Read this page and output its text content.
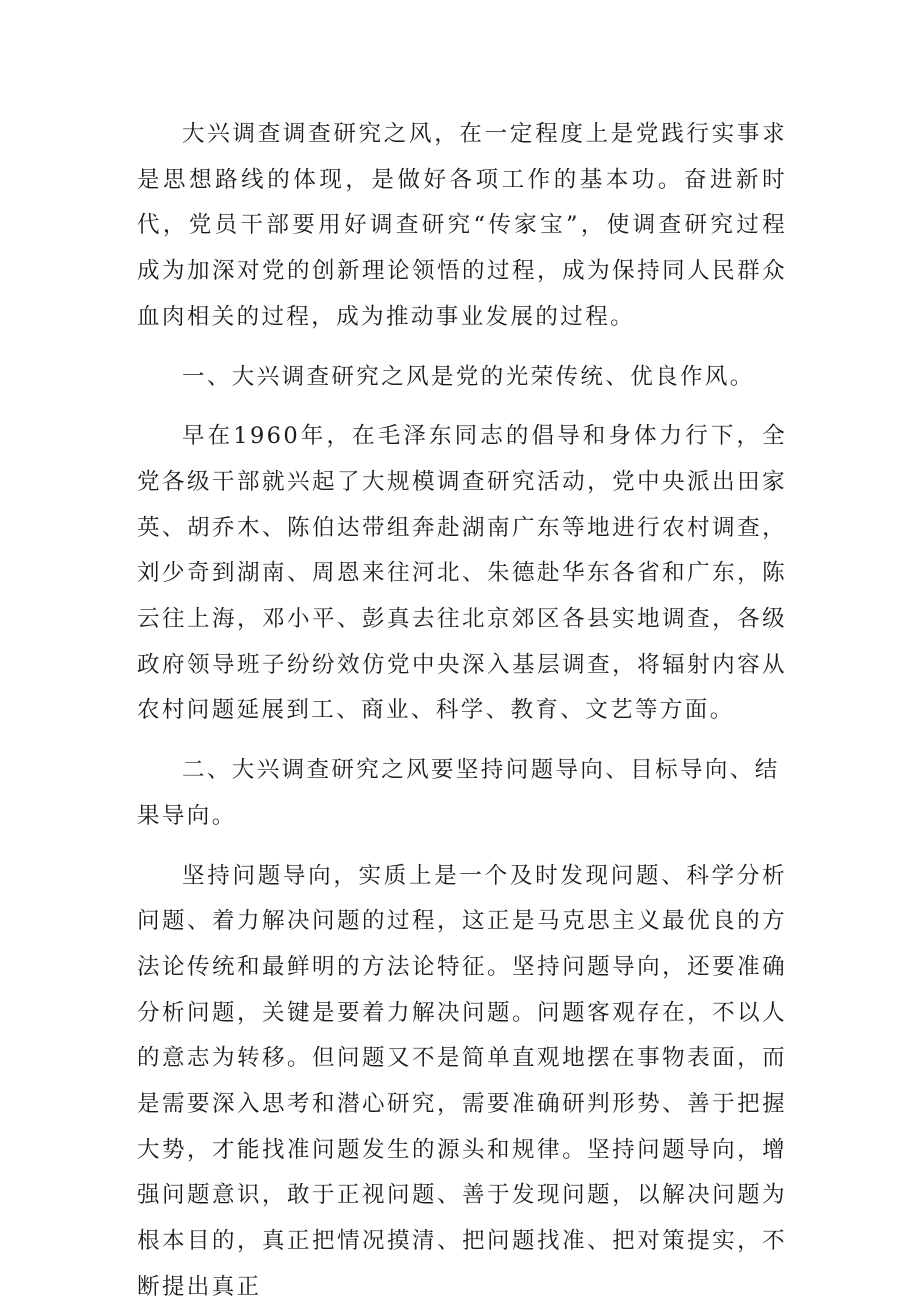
大兴调查调查研究之风，在一定程度上是党践行实事求是思想路线的体现，是做好各项工作的基本功。奋进新时代，党员干部要用好调查研究“传家宝”，使调查研究过程成为加深对党的创新理论领悟的过程，成为保持同人民群众血肉相关的过程，成为推动事业发展的过程。

一、大兴调查研究之风是党的光荣传统、优良作风。

早在1960年，在毛泽东同志的倡导和身体力行下，全党各级干部就兴起了大规模调查研究活动，党中央派出田家英、胡乔木、陈伯达带组奔赴湖南广东等地进行农村调查，刘少奇到湖南、周恩来往河北、朱德赴华东各省和广东，陈云往上海，邓小平、彭真去往北京郊区各县实地调查，各级政府领导班子纷纷效仿党中央深入基层调查，将辐射内容从农村问题延展到工、商业、科学、教育、文艺等方面。

二、大兴调查研究之风要坚持问题导向、目标导向、结果导向。

坚持问题导向，实质上是一个及时发现问题、科学分析问题、着力解决问题的过程，这正是马克思主义最优良的方法论传统和最鲜明的方法论特征。坚持问题导向，还要准确分析问题，关键是要着力解决问题。问题客观存在，不以人的意志为转移。但问题又不是简单直观地摆在事物表面，而是需要深入思考和潜心研究，需要准确研判形势、善于把握大势，才能找准问题发生的源头和规律。坚持问题导向，增强问题意识，敢于正视问题、善于发现问题，以解决问题为根本目的，真正把情况摸清、把问题找准、把对策提实，不断提出真正
